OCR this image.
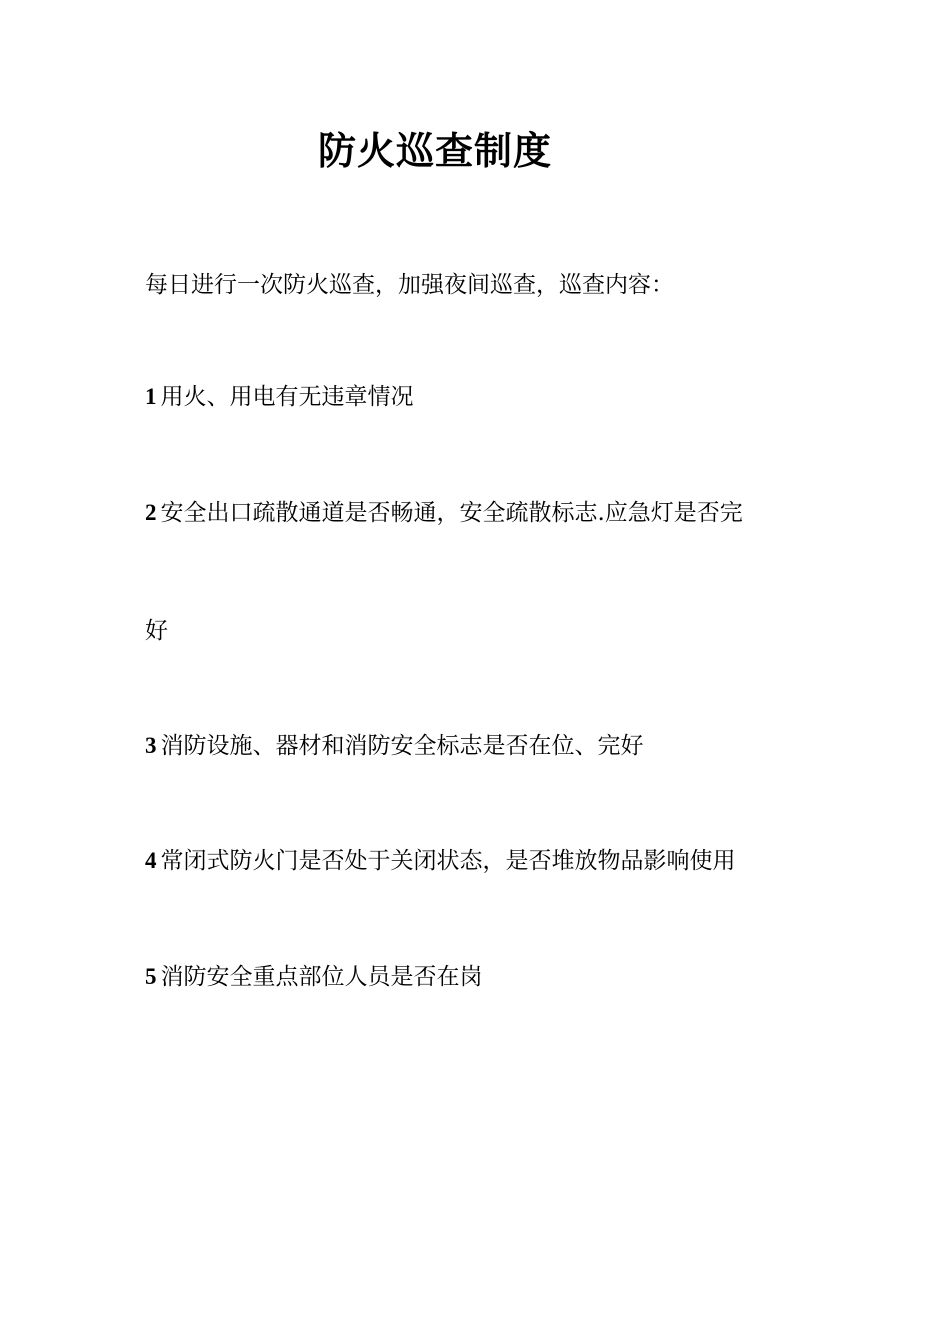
防火巡查制度

每日进行一次防火巡查，加强夜间巡查，巡查内容：

1 用火、用电有无违章情况

2 安全出口疏散通道是否畅通，安全疏散标志.应急灯是否完

好

3 消防设施、器材和消防安全标志是否在位、完好

4 常闭式防火门是否处于关闭状态，是否堆放物品影响使用

5 消防安全重点部位人员是否在岗
